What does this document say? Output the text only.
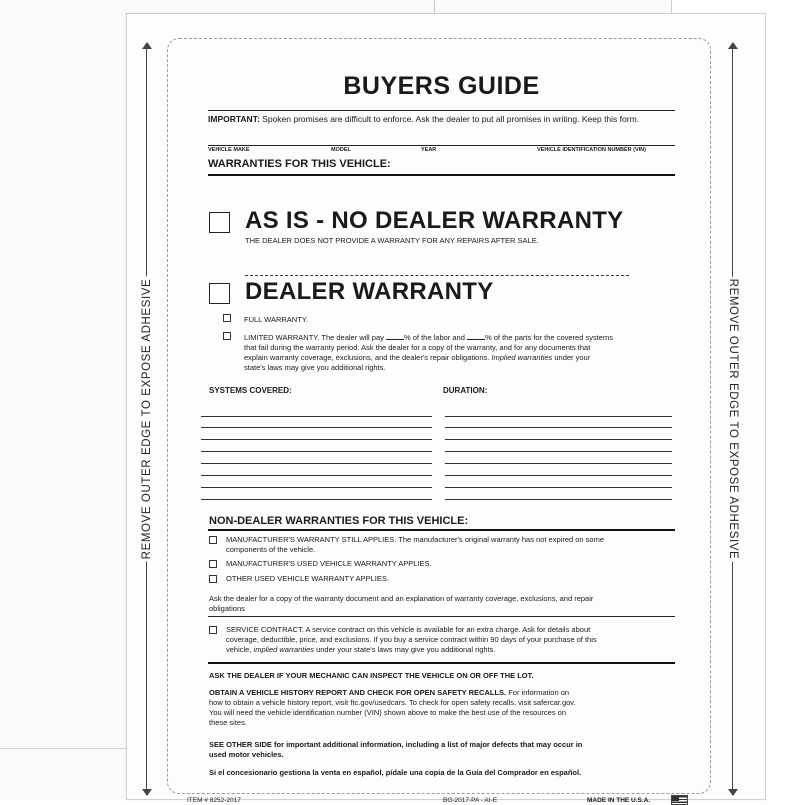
REMOVE OUTER EDGE TO EXPOSE ADHESIVE	REMOVE OUTER EDGE TO EXPOSE ADHESIVE
BUYERS GUIDE
IMPORTANT: Spoken promises are difficult to enforce. Ask the dealer to put all promises in writing. Keep this form.
VEHICLE MAKE	MODEL	YEAR	VEHICLE IDENTIFICATION NUMBER (VIN)
WARRANTIES FOR THIS VEHICLE:
AS IS - NO DEALER WARRANTY
THE DEALER DOES NOT PROVIDE A WARRANTY FOR ANY REPAIRS AFTER SALE.
DEALER WARRANTY
FULL WARRANTY.
LIMITED WARRANTY. The dealer will pay	% of the labor and	% of the parts for the covered systems
that fail during the warranty period. Ask the dealer for a copy of the warranty, and for any documents that
explain warranty coverage, exclusions, and the dealer's repair obligations. Implied warranties under your
state's laws may give you additional rights.
SYSTEMS COVERED:	DURATION:
NON-DEALER WARRANTIES FOR THIS VEHICLE:
MANUFACTURER'S WARRANTY STILL APPLIES. The manufacturer's original warranty has not expired on some
components of the vehicle.
MANUFACTURER'S USED VEHICLE WARRANTY APPLIES.
OTHER USED VEHICLE WARRANTY APPLIES.
Ask the dealer for a copy of the warranty document and an explanation of warranty coverage, exclusions, and repair
obligations
SERVICE CONTRACT. A service contract on this vehicle is available for an extra charge. Ask for details about
coverage, deductible, price, and exclusions. If you buy a service contract within 90 days of your purchase of this
vehicle, implied warranties under your state's laws may give you additional rights.
ASK THE DEALER IF YOUR MECHANIC CAN INSPECT THE VEHICLE ON OR OFF THE LOT.
OBTAIN A VEHICLE HISTORY REPORT AND CHECK FOR OPEN SAFETY RECALLS. For information on
how to obtain a vehicle history report, visit ftc.gov/usedcars. To check for open safety recalls, visit safercar.gov.
You will need the vehicle identification number (VIN) shown above to make the best use of the resources on
these sites.
SEE OTHER SIDE for important additional information, including a list of major defects that may occur in
used motor vehicles.
Si el concesionario gestiona la venta en español, pídale una copia de la Guía del Comprador en español.
ITEM # 8252-2017	BG-2017-PA - AI-E	MADE IN THE U.S.A.
